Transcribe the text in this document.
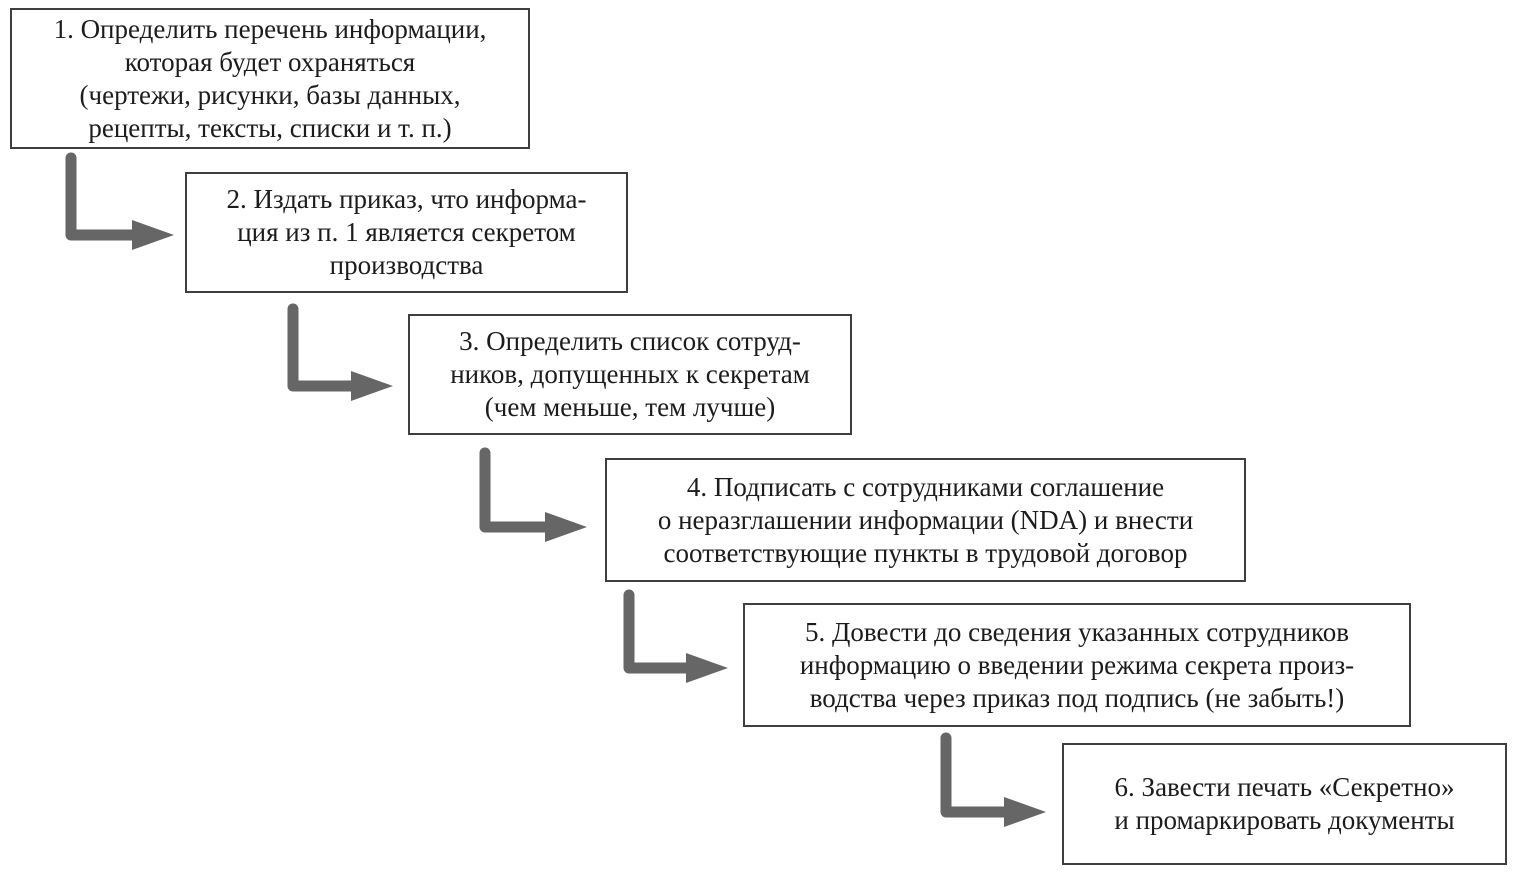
1. Определить перечень информации,
которая будет охраняться
(чертежи, рисунки, базы данных,
рецепты, тексты, списки и т. п.)
2. Издать приказ, что информа-
ция из п. 1 является секретом
производства
3. Определить список сотруд-
ников, допущенных к секретам
(чем меньше, тем лучше)
4. Подписать с сотрудниками соглашение
о неразглашении информации (NDA) и внести
соответствующие пункты в трудовой договор
5. Довести до сведения указанных сотрудников
информацию о введении режима секрета произ-
водства через приказ под подпись (не забыть!)
6. Завести печать «Секретно»
и промаркировать документы
